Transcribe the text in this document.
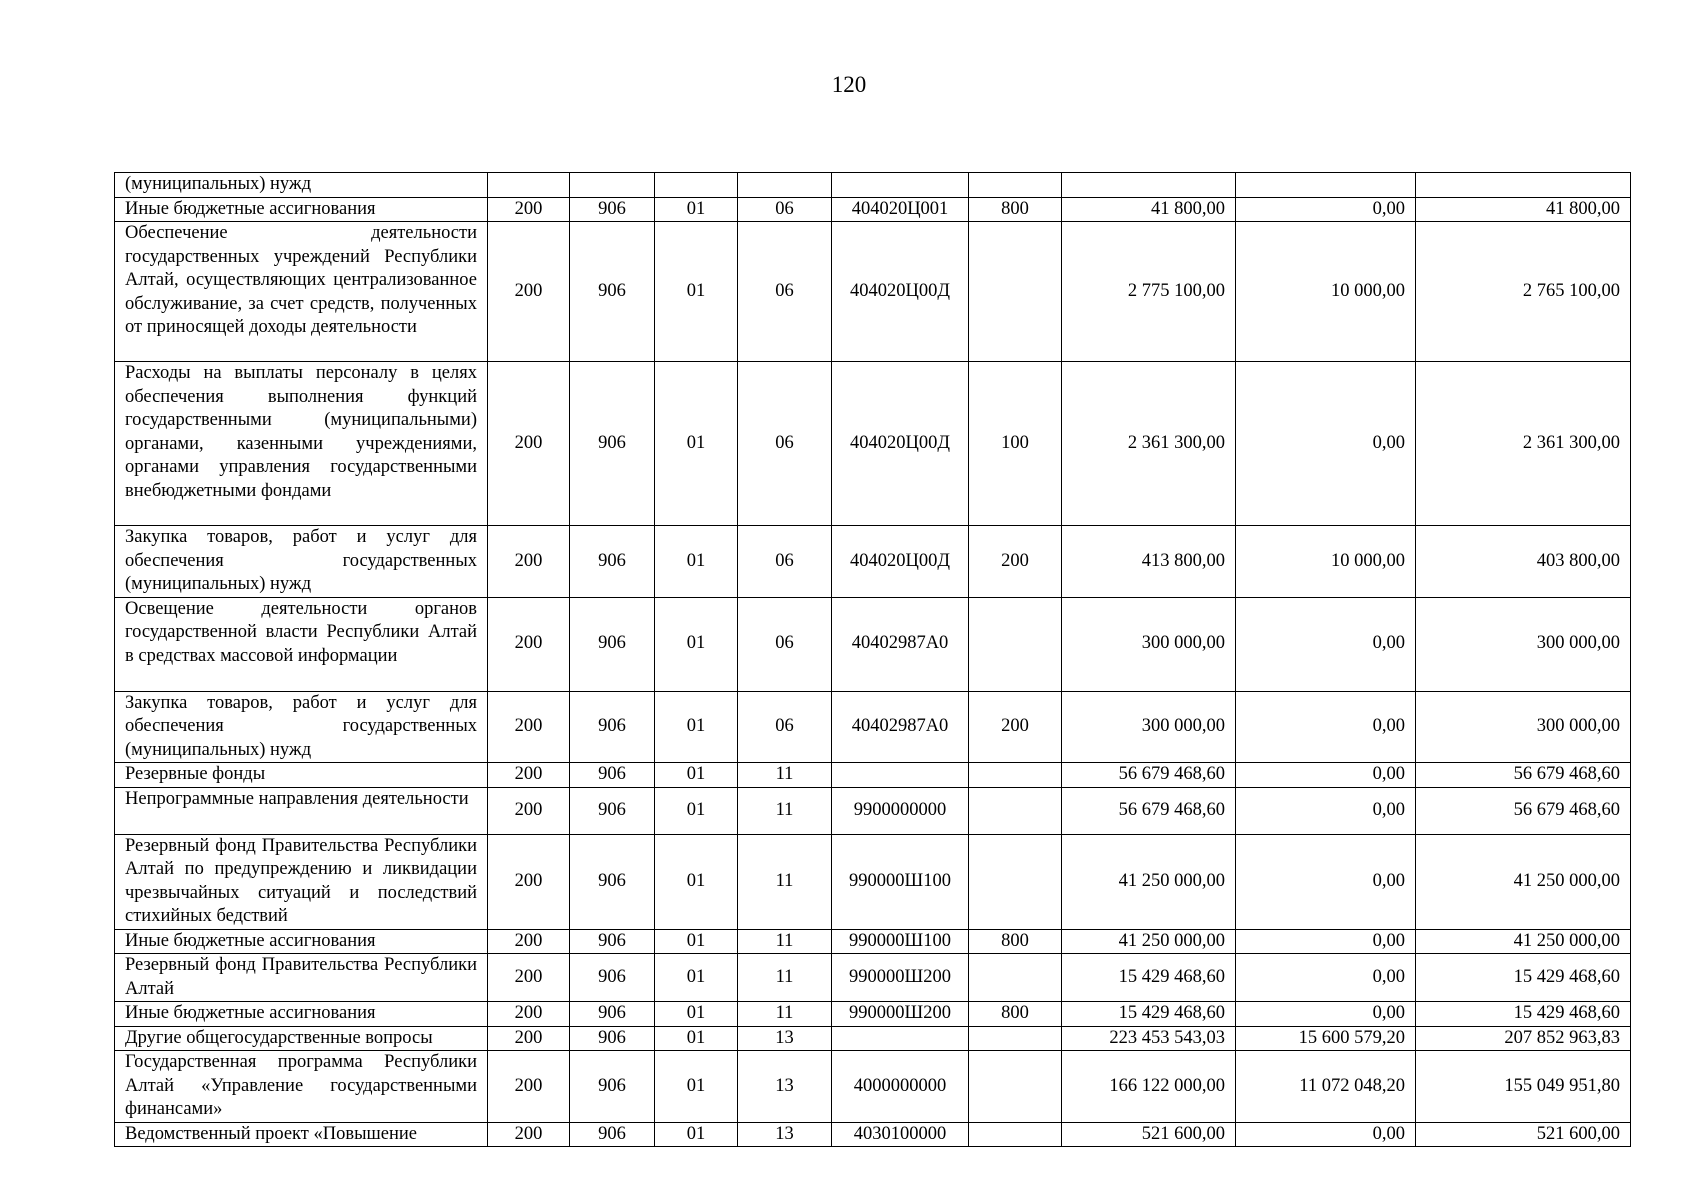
120
(муниципальных) нужд									
Иные бюджетные ассигнования	200	906	01	06	404020Ц001	800	41 800,00	0,00	41 800,00
Обеспечение деятельности государственных учреждений Республики Алтай, осуществляющих централизованное обслуживание, за счет средств, полученных от приносящей доходы деятельности	200	906	01	06	404020Ц00Д		2 775 100,00	10 000,00	2 765 100,00
Расходы на выплаты персоналу в целях обеспечения выполнения функций государственными (муниципальными) органами, казенными учреждениями, органами управления государственными внебюджетными фондами	200	906	01	06	404020Ц00Д	100	2 361 300,00	0,00	2 361 300,00
Закупка товаров, работ и услуг для обеспечения государственных (муниципальных) нужд	200	906	01	06	404020Ц00Д	200	413 800,00	10 000,00	403 800,00
Освещение деятельности органов государственной власти Республики Алтай в средствах массовой информации	200	906	01	06	40402987А0		300 000,00	0,00	300 000,00
Закупка товаров, работ и услуг для обеспечения государственных (муниципальных) нужд	200	906	01	06	40402987А0	200	300 000,00	0,00	300 000,00
Резервные фонды	200	906	01	11			56 679 468,60	0,00	56 679 468,60
Непрограммные направления деятельности	200	906	01	11	9900000000		56 679 468,60	0,00	56 679 468,60
Резервный фонд Правительства Республики Алтай по предупреждению и ликвидации чрезвычайных ситуаций и последствий стихийных бедствий	200	906	01	11	990000Ш100		41 250 000,00	0,00	41 250 000,00
Иные бюджетные ассигнования	200	906	01	11	990000Ш100	800	41 250 000,00	0,00	41 250 000,00
Резервный фонд Правительства Республики Алтай	200	906	01	11	990000Ш200		15 429 468,60	0,00	15 429 468,60
Иные бюджетные ассигнования	200	906	01	11	990000Ш200	800	15 429 468,60	0,00	15 429 468,60
Другие общегосударственные вопросы	200	906	01	13			223 453 543,03	15 600 579,20	207 852 963,83
Государственная программа Республики Алтай «Управление государственными финансами»	200	906	01	13	4000000000		166 122 000,00	11 072 048,20	155 049 951,80
Ведомственный проект «Повышение	200	906	01	13	4030100000		521 600,00	0,00	521 600,00
